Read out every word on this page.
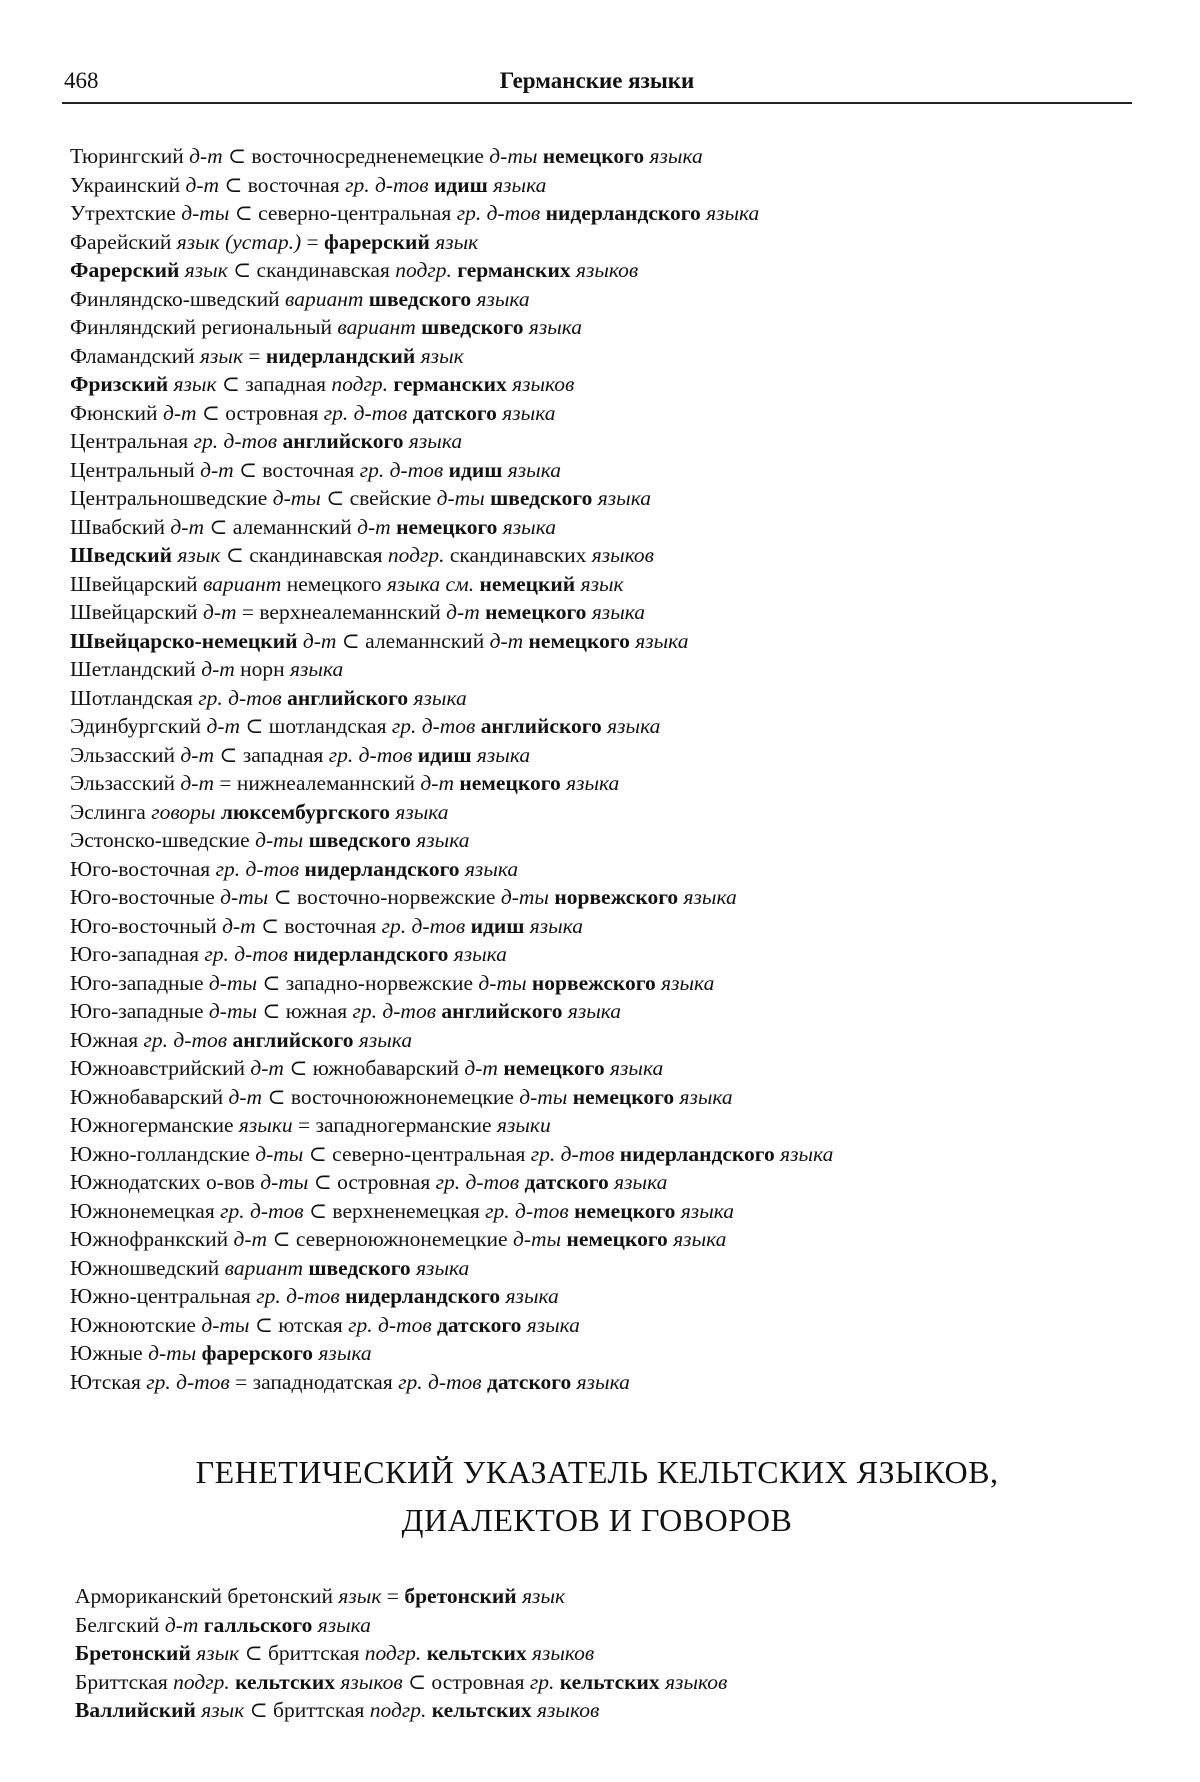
468	Германские языки
Тюрингский д-т ⊂ восточносредненемецкие д-ты немецкого языка
Украинский д-т ⊂ восточная гр. д-тов идиш языка
Утрехтские д-ты ⊂ северно-центральная гр. д-тов нидерландского языка
Фарейский язык (устар.) = фарерский язык
Фарерский язык ⊂ скандинавская подгр. германских языков
Финляндско-шведский вариант шведского языка
Финляндский региональный вариант шведского языка
Фламандский язык = нидерландский язык
Фризский язык ⊂ западная подгр. германских языков
Фюнский д-т ⊂ островная гр. д-тов датского языка
Центральная гр. д-тов английского языка
Центральный д-т ⊂ восточная гр. д-тов идиш языка
Центральношведские д-ты ⊂ свейские д-ты шведского языка
Швабский д-т ⊂ алеманнский д-т немецкого языка
Шведский язык ⊂ скандинавская подгр. скандинавских языков
Швейцарский вариант немецкого языка см. немецкий язык
Швейцарский д-т = верхнеалеманнский д-т немецкого языка
Швейцарско-немецкий д-т ⊂ алеманнский д-т немецкого языка
Шетландский д-т норн языка
Шотландская гр. д-тов английского языка
Эдинбургский д-т ⊂ шотландская гр. д-тов английского языка
Эльзасский д-т ⊂ западная гр. д-тов идиш языка
Эльзасский д-т = нижнеалеманнский д-т немецкого языка
Эслинга говоры люксембургского языка
Эстонско-шведские д-ты шведского языка
Юго-восточная гр. д-тов нидерландского языка
Юго-восточные д-ты ⊂ восточно-норвежские д-ты норвежского языка
Юго-восточный д-т ⊂ восточная гр. д-тов идиш языка
Юго-западная гр. д-тов нидерландского языка
Юго-западные д-ты ⊂ западно-норвежские д-ты норвежского языка
Юго-западные д-ты ⊂ южная гр. д-тов английского языка
Южная гр. д-тов английского языка
Южноавстрийский д-т ⊂ южнобаварский д-т немецкого языка
Южнобаварский д-т ⊂ восточноюжнонемецкие д-ты немецкого языка
Южногерманские языки = западногерманские языки
Южно-голландские д-ты ⊂ северно-центральная гр. д-тов нидерландского языка
Южнодатских о-вов д-ты ⊂ островная гр. д-тов датского языка
Южнонемецкая гр. д-тов ⊂ верхненемецкая гр. д-тов немецкого языка
Южнофранкский д-т ⊂ севернoюжнонемецкие д-ты немецкого языка
Южношведский вариант шведского языка
Южно-центральная гр. д-тов нидерландского языка
Южноютские д-ты ⊂ ютская гр. д-тов датского языка
Южные д-ты фарерского языка
Ютская гр. д-тов = западнодатская гр. д-тов датского языка
ГЕНЕТИЧЕСКИЙ УКАЗАТЕЛЬ КЕЛЬТСКИХ ЯЗЫКОВ,
ДИАЛЕКТОВ И ГОВОРОВ
Арморикaнский бретонский язык = бретонский язык
Белгский д-т галльского языка
Бретонский язык ⊂ бриттская подгр. кельтских языков
Бриттская подгр. кельтских языков ⊂ островная гр. кельтских языков
Валлийский язык ⊂ бриттская подгр. кельтских языков
